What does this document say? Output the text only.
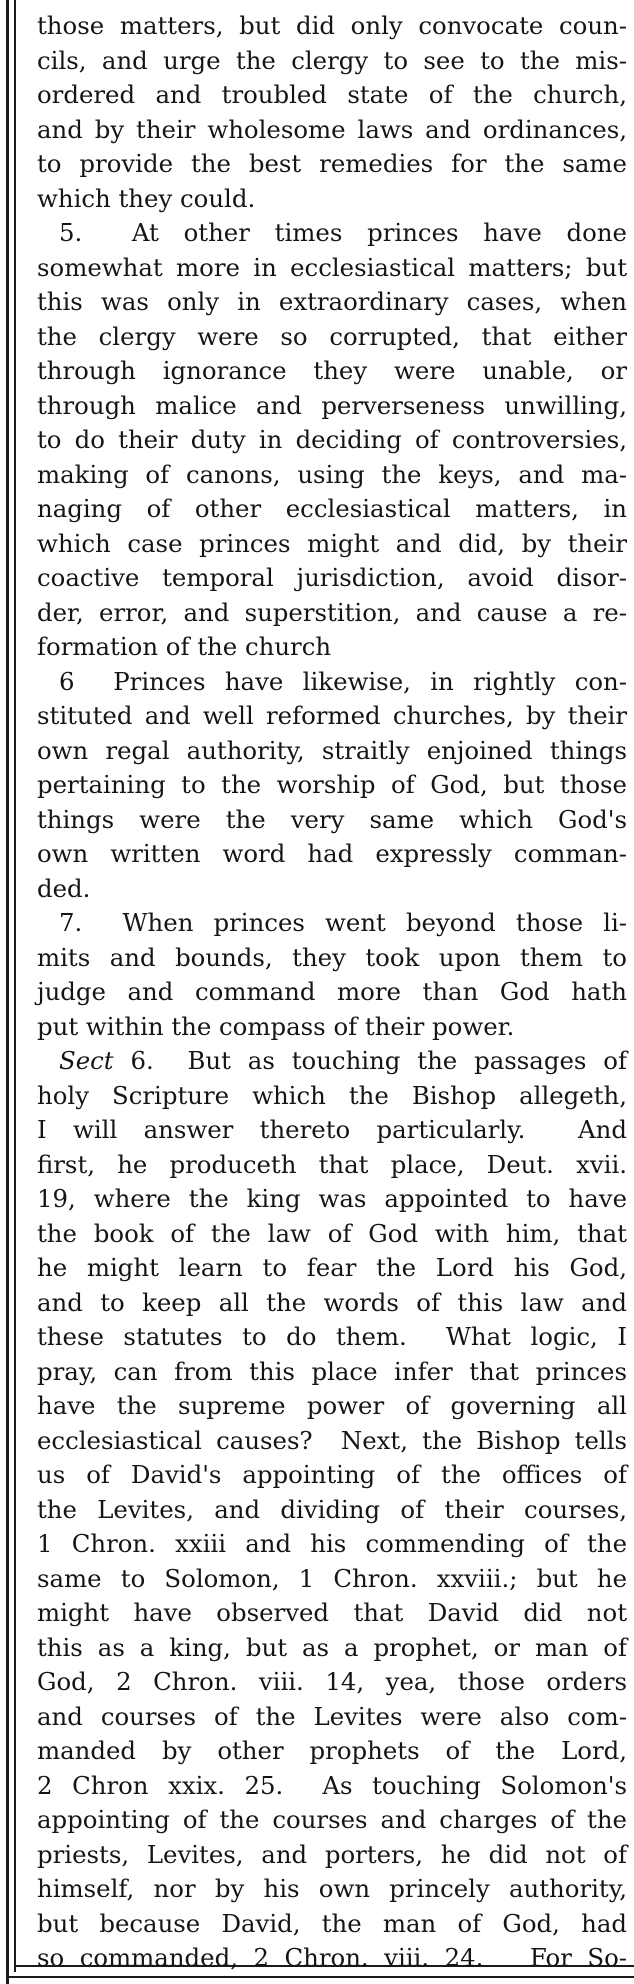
those matters, but did only convocate coun-
cils, and urge the clergy to see to the mis-
ordered and troubled state of the church,
and by their wholesome laws and ordinances,
to provide the best remedies for the same
which they could.
5.  At other times princes have done
somewhat more in ecclesiastical matters; but
this was only in extraordinary cases, when
the clergy were so corrupted, that either
through ignorance they were unable, or
through malice and perverseness unwilling,
to do their duty in deciding of controversies,
making of canons, using the keys, and ma-
naging of other ecclesiastical matters, in
which case princes might and did, by their
coactive temporal jurisdiction, avoid disor-
der, error, and superstition, and cause a re-
formation of the church
6  Princes have likewise, in rightly con-
stituted and well reformed churches, by their
own regal authority, straitly enjoined things
pertaining to the worship of God, but those
things were the very same which God's
own written word had expressly comman-
ded.
7.  When princes went beyond those li-
mits and bounds, they took upon them to
judge and command more than God hath
put within the compass of their power.
Sect 6.  But as touching the passages of
holy Scripture which the Bishop allegeth,
I will answer thereto particularly.  And
first, he produceth that place, Deut. xvii.
19, where the king was appointed to have
the book of the law of God with him, that
he might learn to fear the Lord his God,
and to keep all the words of this law and
these statutes to do them.  What logic, I
pray, can from this place infer that princes
have the supreme power of governing all
ecclesiastical causes?  Next, the Bishop tells
us of David's appointing of the offices of
the Levites, and dividing of their courses,
1 Chron. xxiii and his commending of the
same to Solomon, 1 Chron. xxviii.; but he
might have observed that David did not
this as a king, but as a prophet, or man of
God, 2 Chron. viii. 14, yea, those orders
and courses of the Levites were also com-
manded by other prophets of the Lord,
2 Chron xxix. 25.  As touching Solomon's
appointing of the courses and charges of the
priests, Levites, and porters, he did not of
himself, nor by his own princely authority,
but because David, the man of God, had
so commanded, 2 Chron. viii. 24.   For So-
